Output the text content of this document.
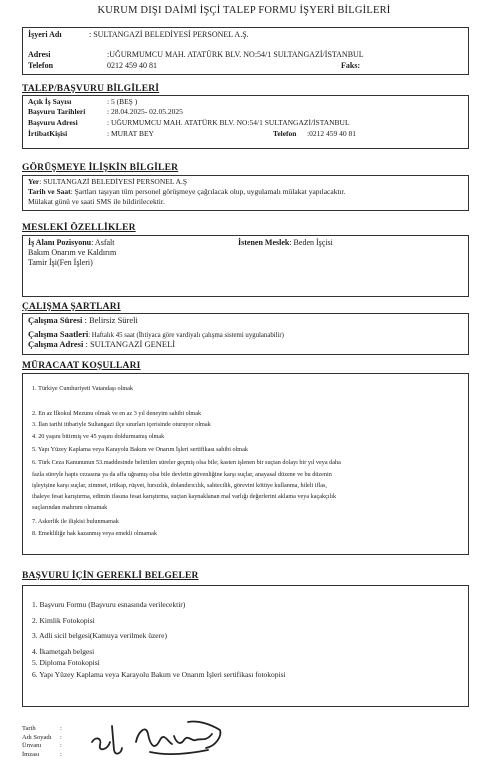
KURUM DIŞI DAİMİ İŞÇİ TALEP FORMU İŞYERİ BİLGİLERİ
İşyeri Adı	: SULTANGAZİ BELEDİYESİ PERSONEL A.Ş.
Adresi	:UĞURMUMCU MAH. ATATÜRK BLV. NO:54/1 SULTANGAZİ/İSTANBUL
Telefon	0212 459 40 81	Faks:
TALEP/BAŞVURU BİLGİLERİ
Açık İş Sayısı	: 5 (BEŞ )
Başvuru Tarihleri	: 28.04.2025- 02.05.2025
Başvuru Adresi	: UĞURMUMCU MAH. ATATÜRK BLV. NO:54/1 SULTANGAZİ/İSTANBUL
İrtibatKişisi	: MURAT BEY	Telefon :0212 459 40 81
GÖRÜŞMEYE İLİŞKİN BİLGİLER
Yer: SULTANGAZİ BELEDİYESİ PERSONEL A.Ş
Tarih ve Saat: Şartları taşıyan tüm personel görüşmeye çağrılacak olup, uygulamalı mülakat yapılacaktır.
Mülakat günü ve saati SMS ile bildirilecektir.
MESLEKİ ÖZELLİKLER
İş Alanı Pozisyonu: Asfalt
Bakım Onarım ve Kaldırım
Tamir İşi(Fen İşleri)
İstenen Meslek: Beden İşçisi
ÇALIŞMA ŞARTLARI
Çalışma Süresi : Belirsiz Süreli
Çalışma Saatleri: Haftalık 45 saat (İhtiyaca göre vardiyalı çalışma sistemi uygulanabilir)
Çalışma Adresi : SULTANGAZİ GENELİ
MÜRACAAT KOŞULLARI
1. Türkiye Cumhuriyeti Vatandaşı olmak
2. En az İlkokul Mezunu olmak ve en az 3 yıl deneyim sahibi olmak
3. İlan tarihi itibariyle Sultangazi ilçe sınırları içerisinde oturuyor olmak
4. 20 yaşını bitirmiş ve 45 yaşını doldurmamış olmak
5. Yapı Yüzey Kaplama veya Karayolu Bakım ve Onarım İşleri sertifikası sahibi olmak
6. Türk Ceza Kanununun 53.maddesinde belirtilen süreler geçmiş olsa bile; kasten işlenen bir suçtan dolayı bir yıl veya daha
fazla süreyle hapis cezasına ya da affa uğramış olsa bile devletin güvenliğine karşı suçlar, anayasal düzene ve bu düzenin
işleyişine karşı suçlar, zimmet, irtikap, rüşvet, hırsızlık, dolandırıcılık, sahtecilik, görevini kötüye kullanma, hileli iflas,
ihaleye fesat karıştırma, edimin ifasına fesat karıştırma, suçtan kaynaklanan mal varlığı değerlerini aklama veya kaçakçılık
suçlarından mahrum olmamak
7. Askerlik ile ilişkisi bulunmamak
8. Emekliliğe hak kazanmış veya emekli olmamak
BAŞVURU İÇİN GEREKLİ BELGELER
1. Başvuru Formu (Başvuru esnasında verilecektir)
2. Kimlik Fotokopisi
3. Adli sicil belgesi(Kamuya verilmek üzere)
4. İkametgah belgesi
5. Diploma Fotokopisi
6. Yapı Yüzey Kaplama veya Karayolu Bakım ve Onarım İşleri sertifikası fotokopisi
Tarih	:
Adı Soyadı :
Ünvanı	:
İmzası	:
